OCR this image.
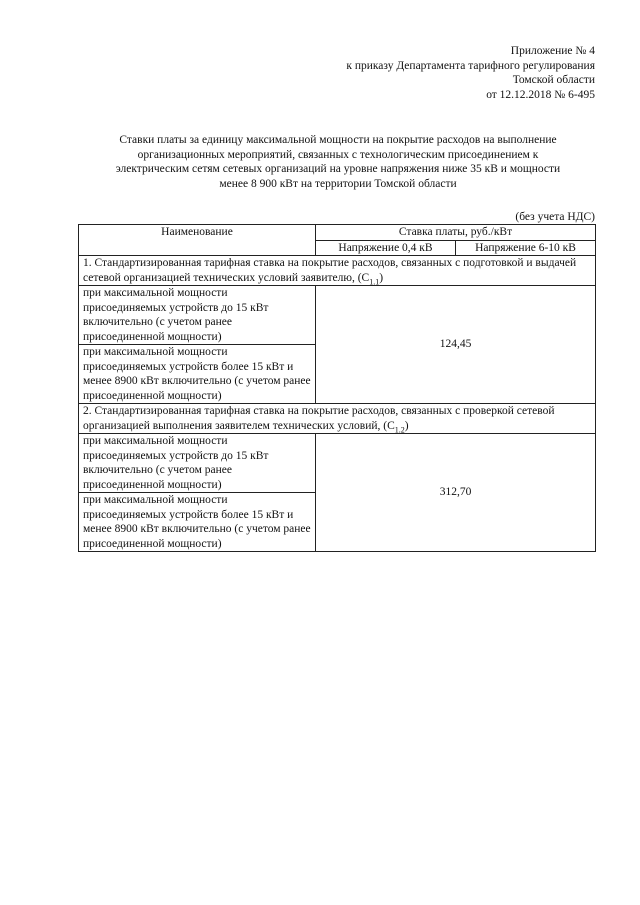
Приложение № 4
к приказу Департамента тарифного регулирования
Томской области
от 12.12.2018 № 6-495
Ставки платы за единицу максимальной мощности на покрытие расходов на выполнение
организационных мероприятий, связанных с технологическим присоединением к
электрическим сетям сетевых организаций на уровне напряжения ниже 35 кВ и мощности
менее 8 900 кВт на территории Томской области
(без учета НДС)
Наименование	Ставка платы, руб./кВт	
	Напряжение 0,4 кВ	Напряжение 6-10 кВ
1. Стандартизированная тарифная ставка на покрытие расходов, связанных с подготовкой и выдачей сетевой организацией технических условий заявителю, $(С_{1.1})$		
при максимальной мощности присоединяемых устройств до 15 кВт включительно (с учетом ранее присоединенной мощности)	124,45	
при максимальной мощности присоединяемых устройств более 15 кВт и менее 8900 кВт включительно (с учетом ранее присоединенной мощности)		
2. Стандартизированная тарифная ставка на покрытие расходов, связанных с проверкой сетевой организацией выполнения заявителем технических условий, $(С_{1.2})$		
при максимальной мощности присоединяемых устройств до 15 кВт включительно (с учетом ранее присоединенной мощности)	312,70	
при максимальной мощности присоединяемых устройств более 15 кВт и менее 8900 кВт включительно (с учетом ранее присоединенной мощности)		
